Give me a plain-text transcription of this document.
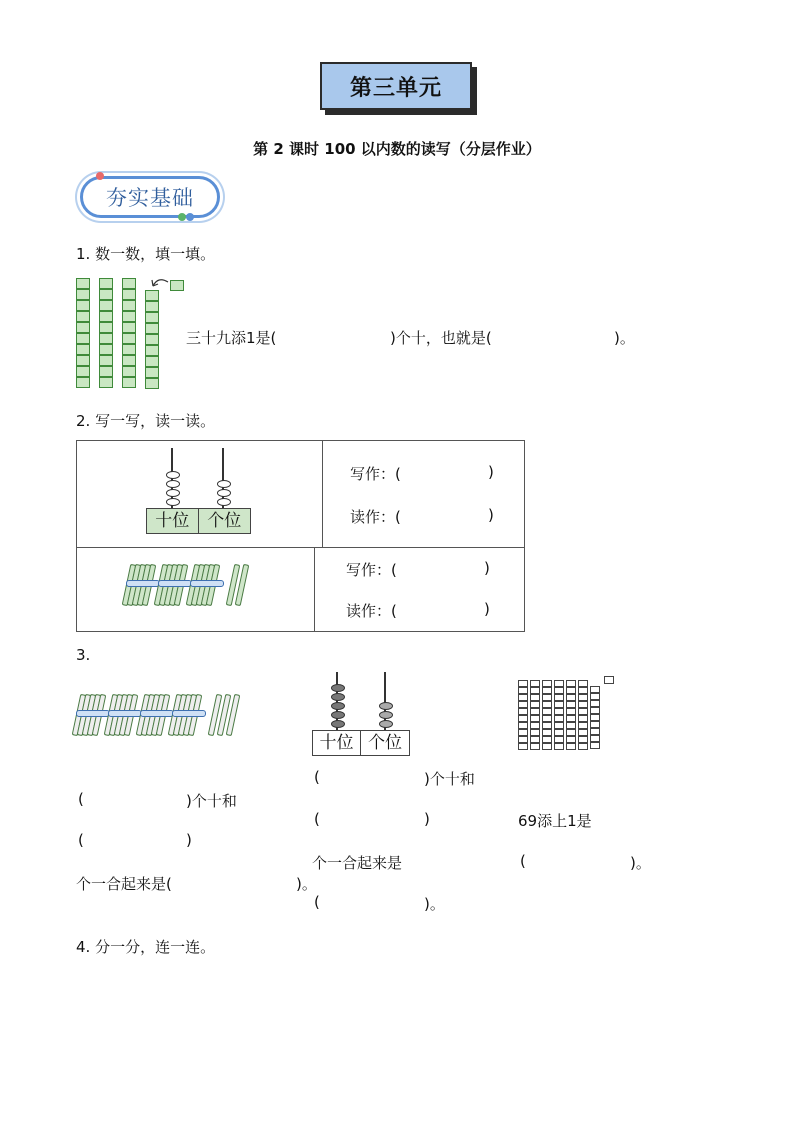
第三单元
第 2 课时 100 以内数的读写（分层作业）
夯实基础
1. 数一数，填一填。
三十九添1是(	)个十，也就是(	)。
2. 写一写，读一读。
十位	个位
写作：(	)
读作：(	)
写作：(	)
读作：(	)
3.
(	)个十和
(	)
个一合起来是(	)。
十位 个位
(	)个十和
(	)
个一合起来是
(	)。
69添上1是
(	)。
4. 分一分，连一连。
